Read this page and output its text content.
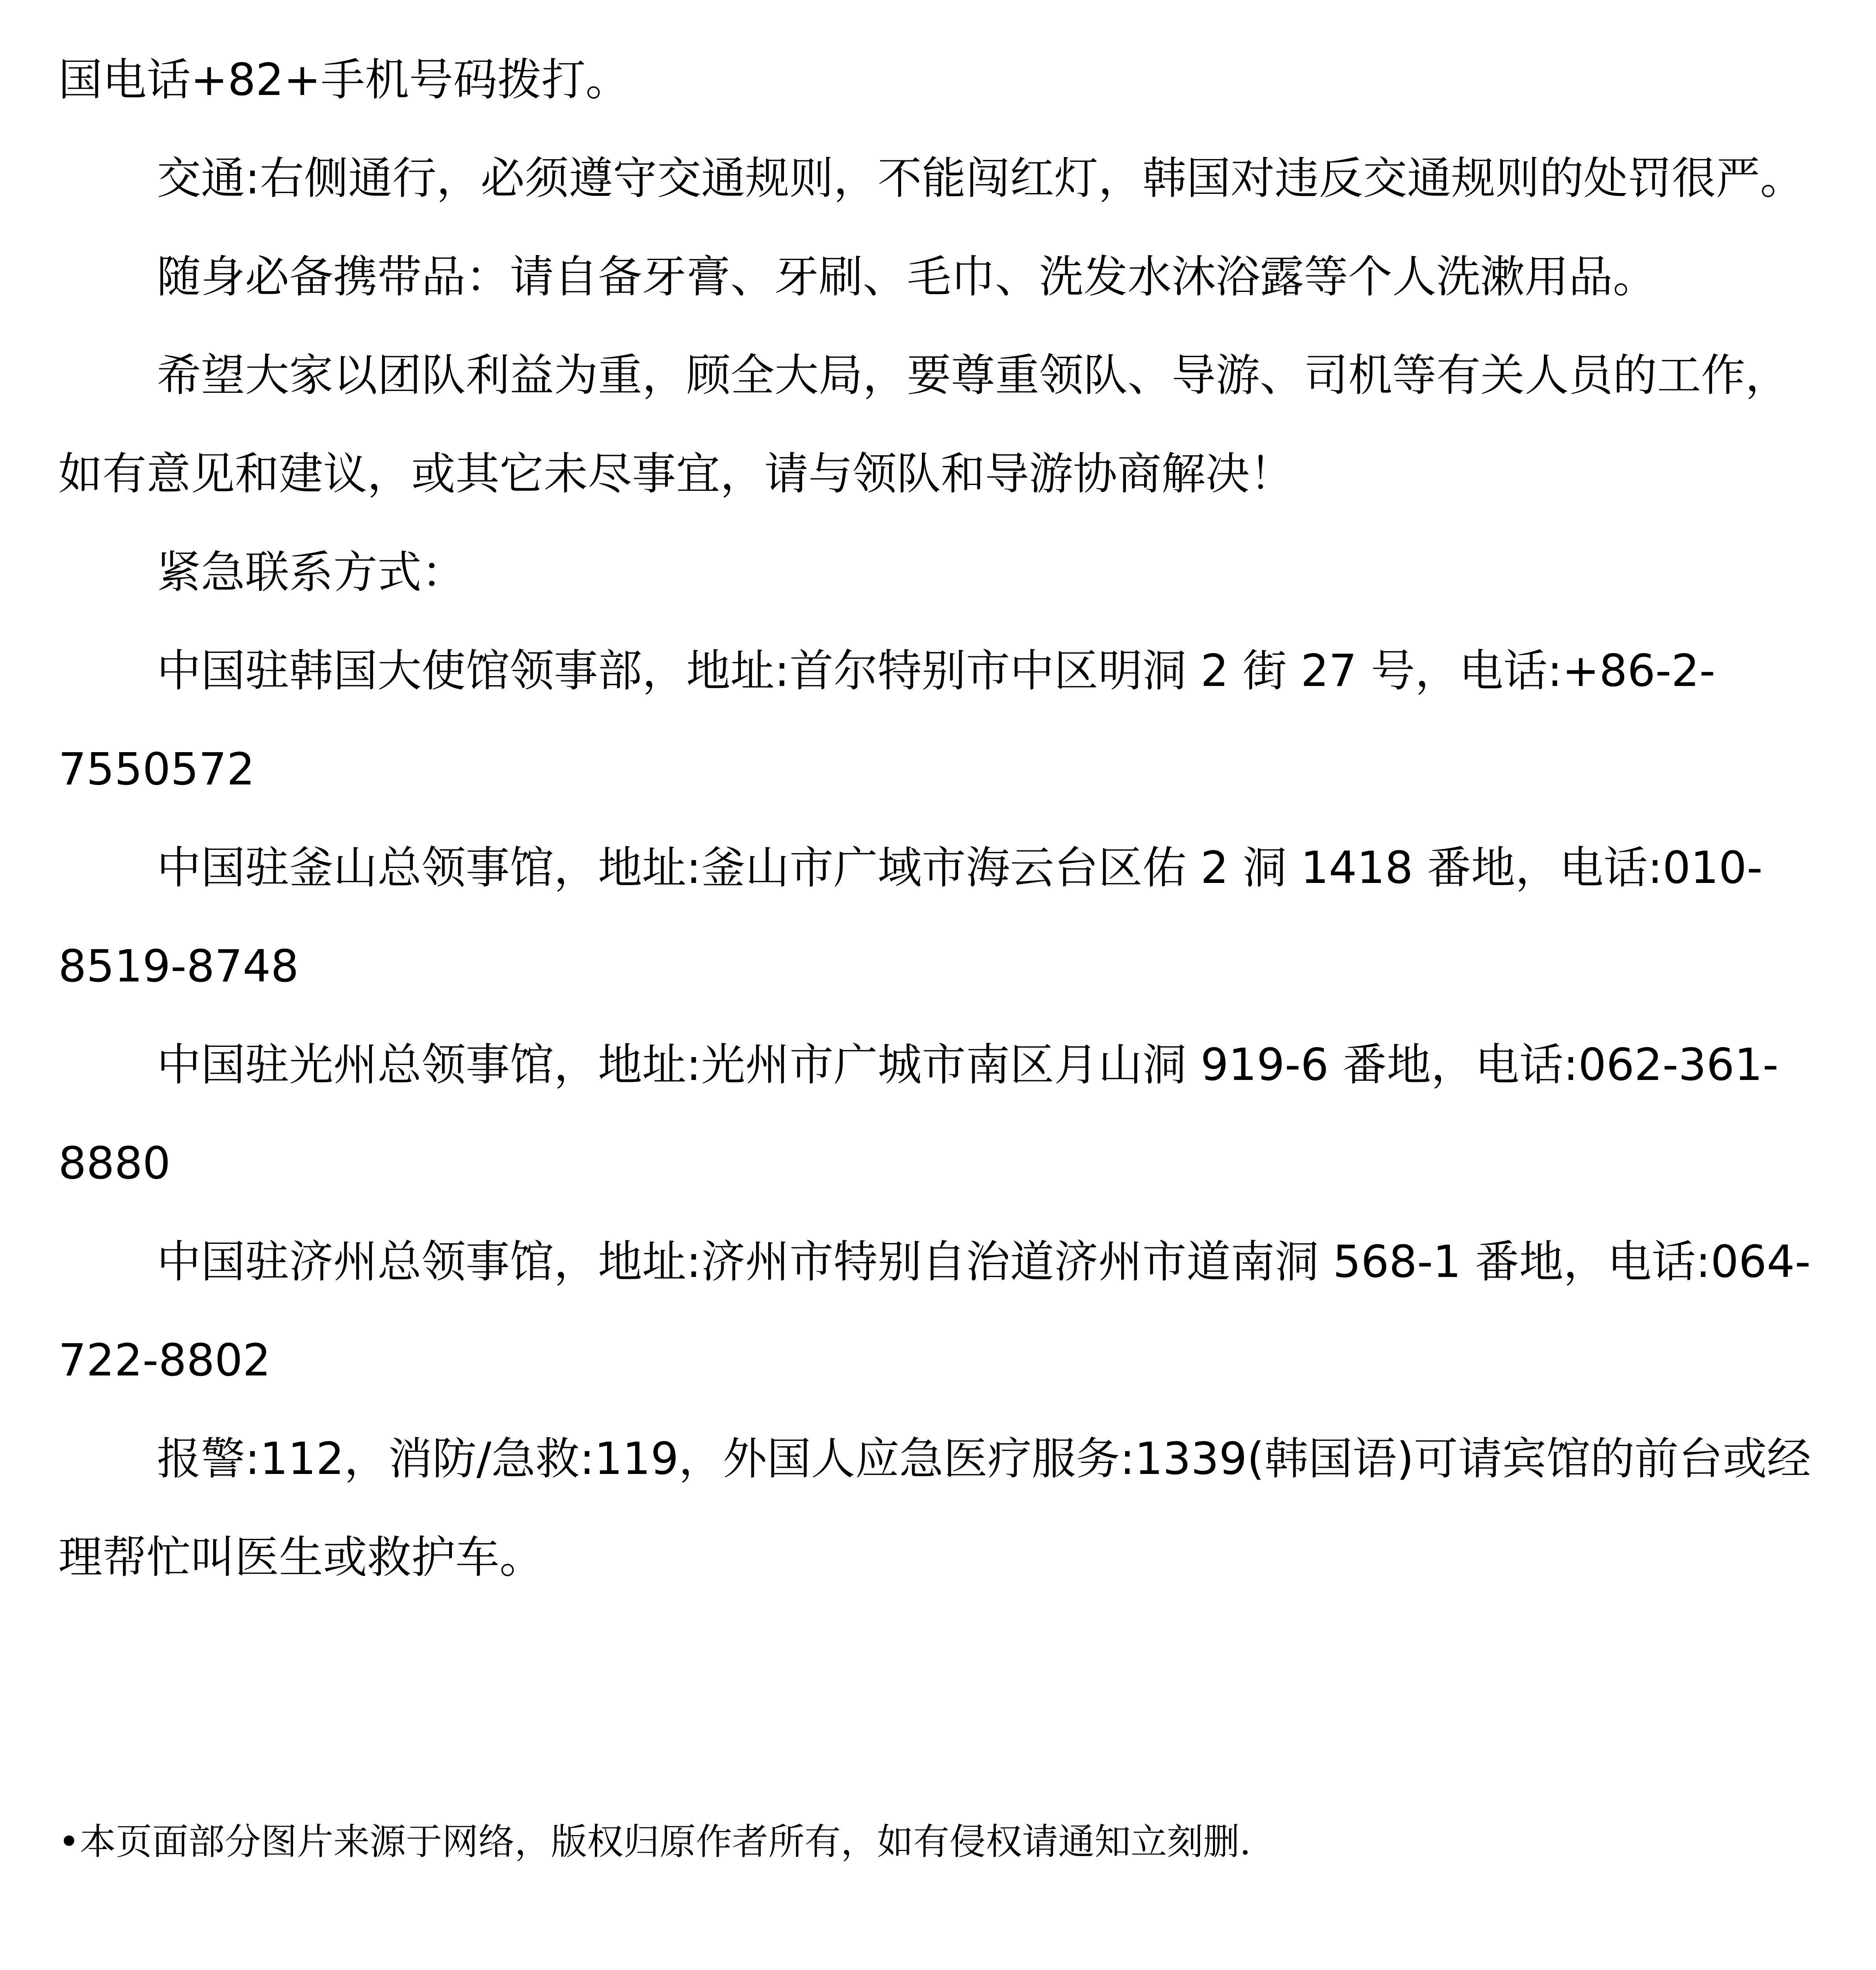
国电话+82+手机号码拨打。

交通:右侧通行，必须遵守交通规则，不能闯红灯，韩国对违反交通规则的处罚很严。

随身必备携带品：请自备牙膏、牙刷、毛巾、洗发水沐浴露等个人洗漱用品。

希望大家以团队利益为重，顾全大局，要尊重领队、导游、司机等有关人员的工作，如有意见和建议，或其它未尽事宜，请与领队和导游协商解决！

紧急联系方式：

中国驻韩国大使馆领事部，地址:首尔特别市中区明洞 2 街 27 号，电话:+86-2-7550572

中国驻釜山总领事馆，地址:釜山市广域市海云台区佑 2 洞 1418 番地，电话:010-8519-8748

中国驻光州总领事馆，地址:光州市广城市南区月山洞 919-6 番地，电话:062-361-8880

中国驻济州总领事馆，地址:济州市特别自治道济州市道南洞 568-1 番地，电话:064-722-8802

报警:112，消防/急救:119，外国人应急医疗服务:1339(韩国语)可请宾馆的前台或经理帮忙叫医生或救护车。

•本页面部分图片来源于网络，版权归原作者所有，如有侵权请通知立刻删.
